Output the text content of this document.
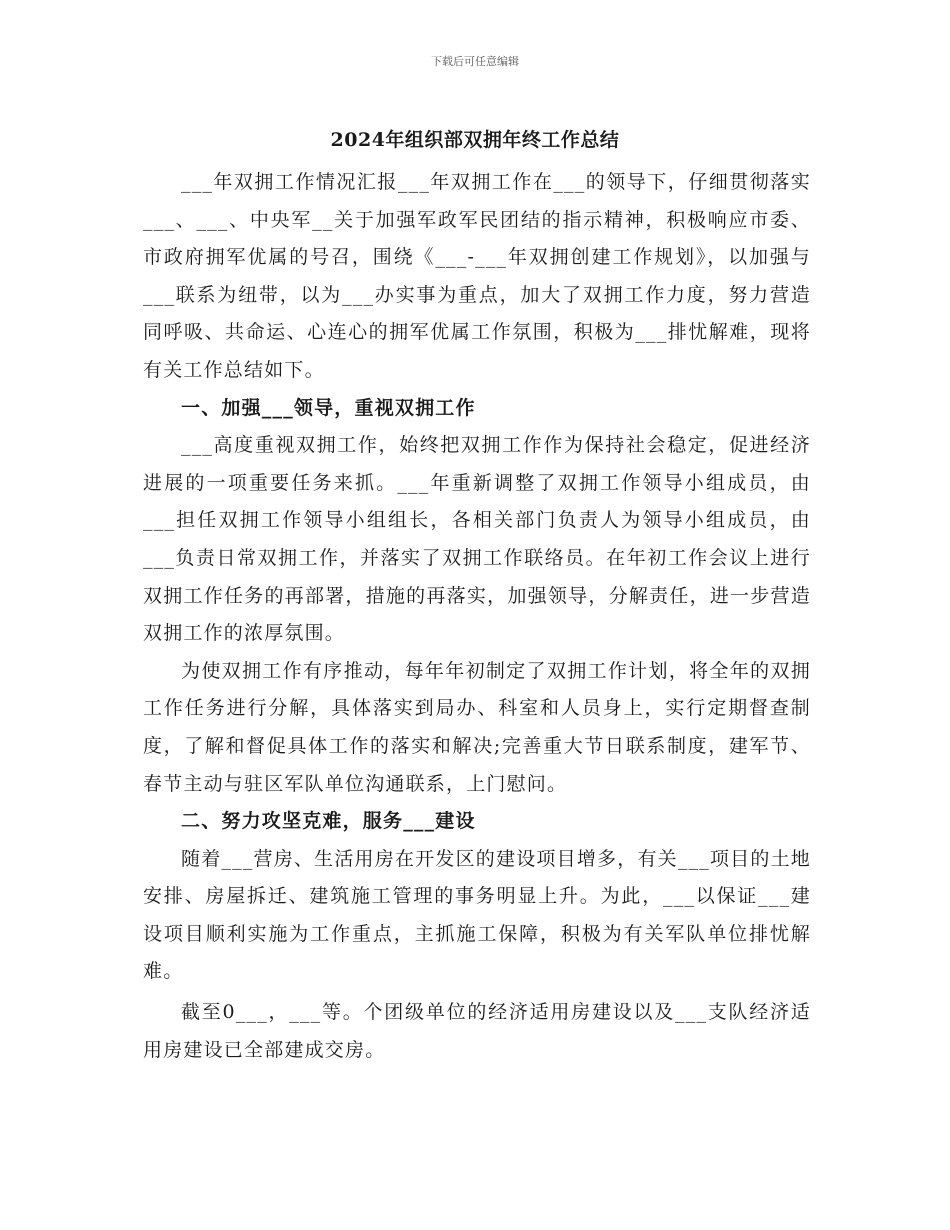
下载后可任意编辑
2024年组织部双拥年终工作总结

___年双拥工作情况汇报___年双拥工作在___的领导下，仔细贯彻落实___、___、中央军__关于加强军政军民团结的指示精神，积极响应市委、市政府拥军优属的号召，围绕《___-___年双拥创建工作规划》，以加强与___联系为纽带，以为___办实事为重点，加大了双拥工作力度，努力营造同呼吸、共命运、心连心的拥军优属工作氛围，积极为___排忧解难，现将有关工作总结如下。

一、加强___领导，重视双拥工作

___高度重视双拥工作，始终把双拥工作作为保持社会稳定，促进经济进展的一项重要任务来抓。___年重新调整了双拥工作领导小组成员，由___担任双拥工作领导小组组长，各相关部门负责人为领导小组成员，由___负责日常双拥工作，并落实了双拥工作联络员。在年初工作会议上进行双拥工作任务的再部署，措施的再落实，加强领导，分解责任，进一步营造双拥工作的浓厚氛围。

为使双拥工作有序推动，每年年初制定了双拥工作计划，将全年的双拥工作任务进行分解，具体落实到局办、科室和人员身上，实行定期督查制度，了解和督促具体工作的落实和解决;完善重大节日联系制度，建军节、春节主动与驻区军队单位沟通联系，上门慰问。

二、努力攻坚克难，服务___建设

随着___营房、生活用房在开发区的建设项目增多，有关___项目的土地安排、房屋拆迁、建筑施工管理的事务明显上升。为此，___以保证___建设项目顺利实施为工作重点，主抓施工保障，积极为有关军队单位排忧解难。

截至0___，___等。个团级单位的经济适用房建设以及___支队经济适用房建设已全部建成交房。
